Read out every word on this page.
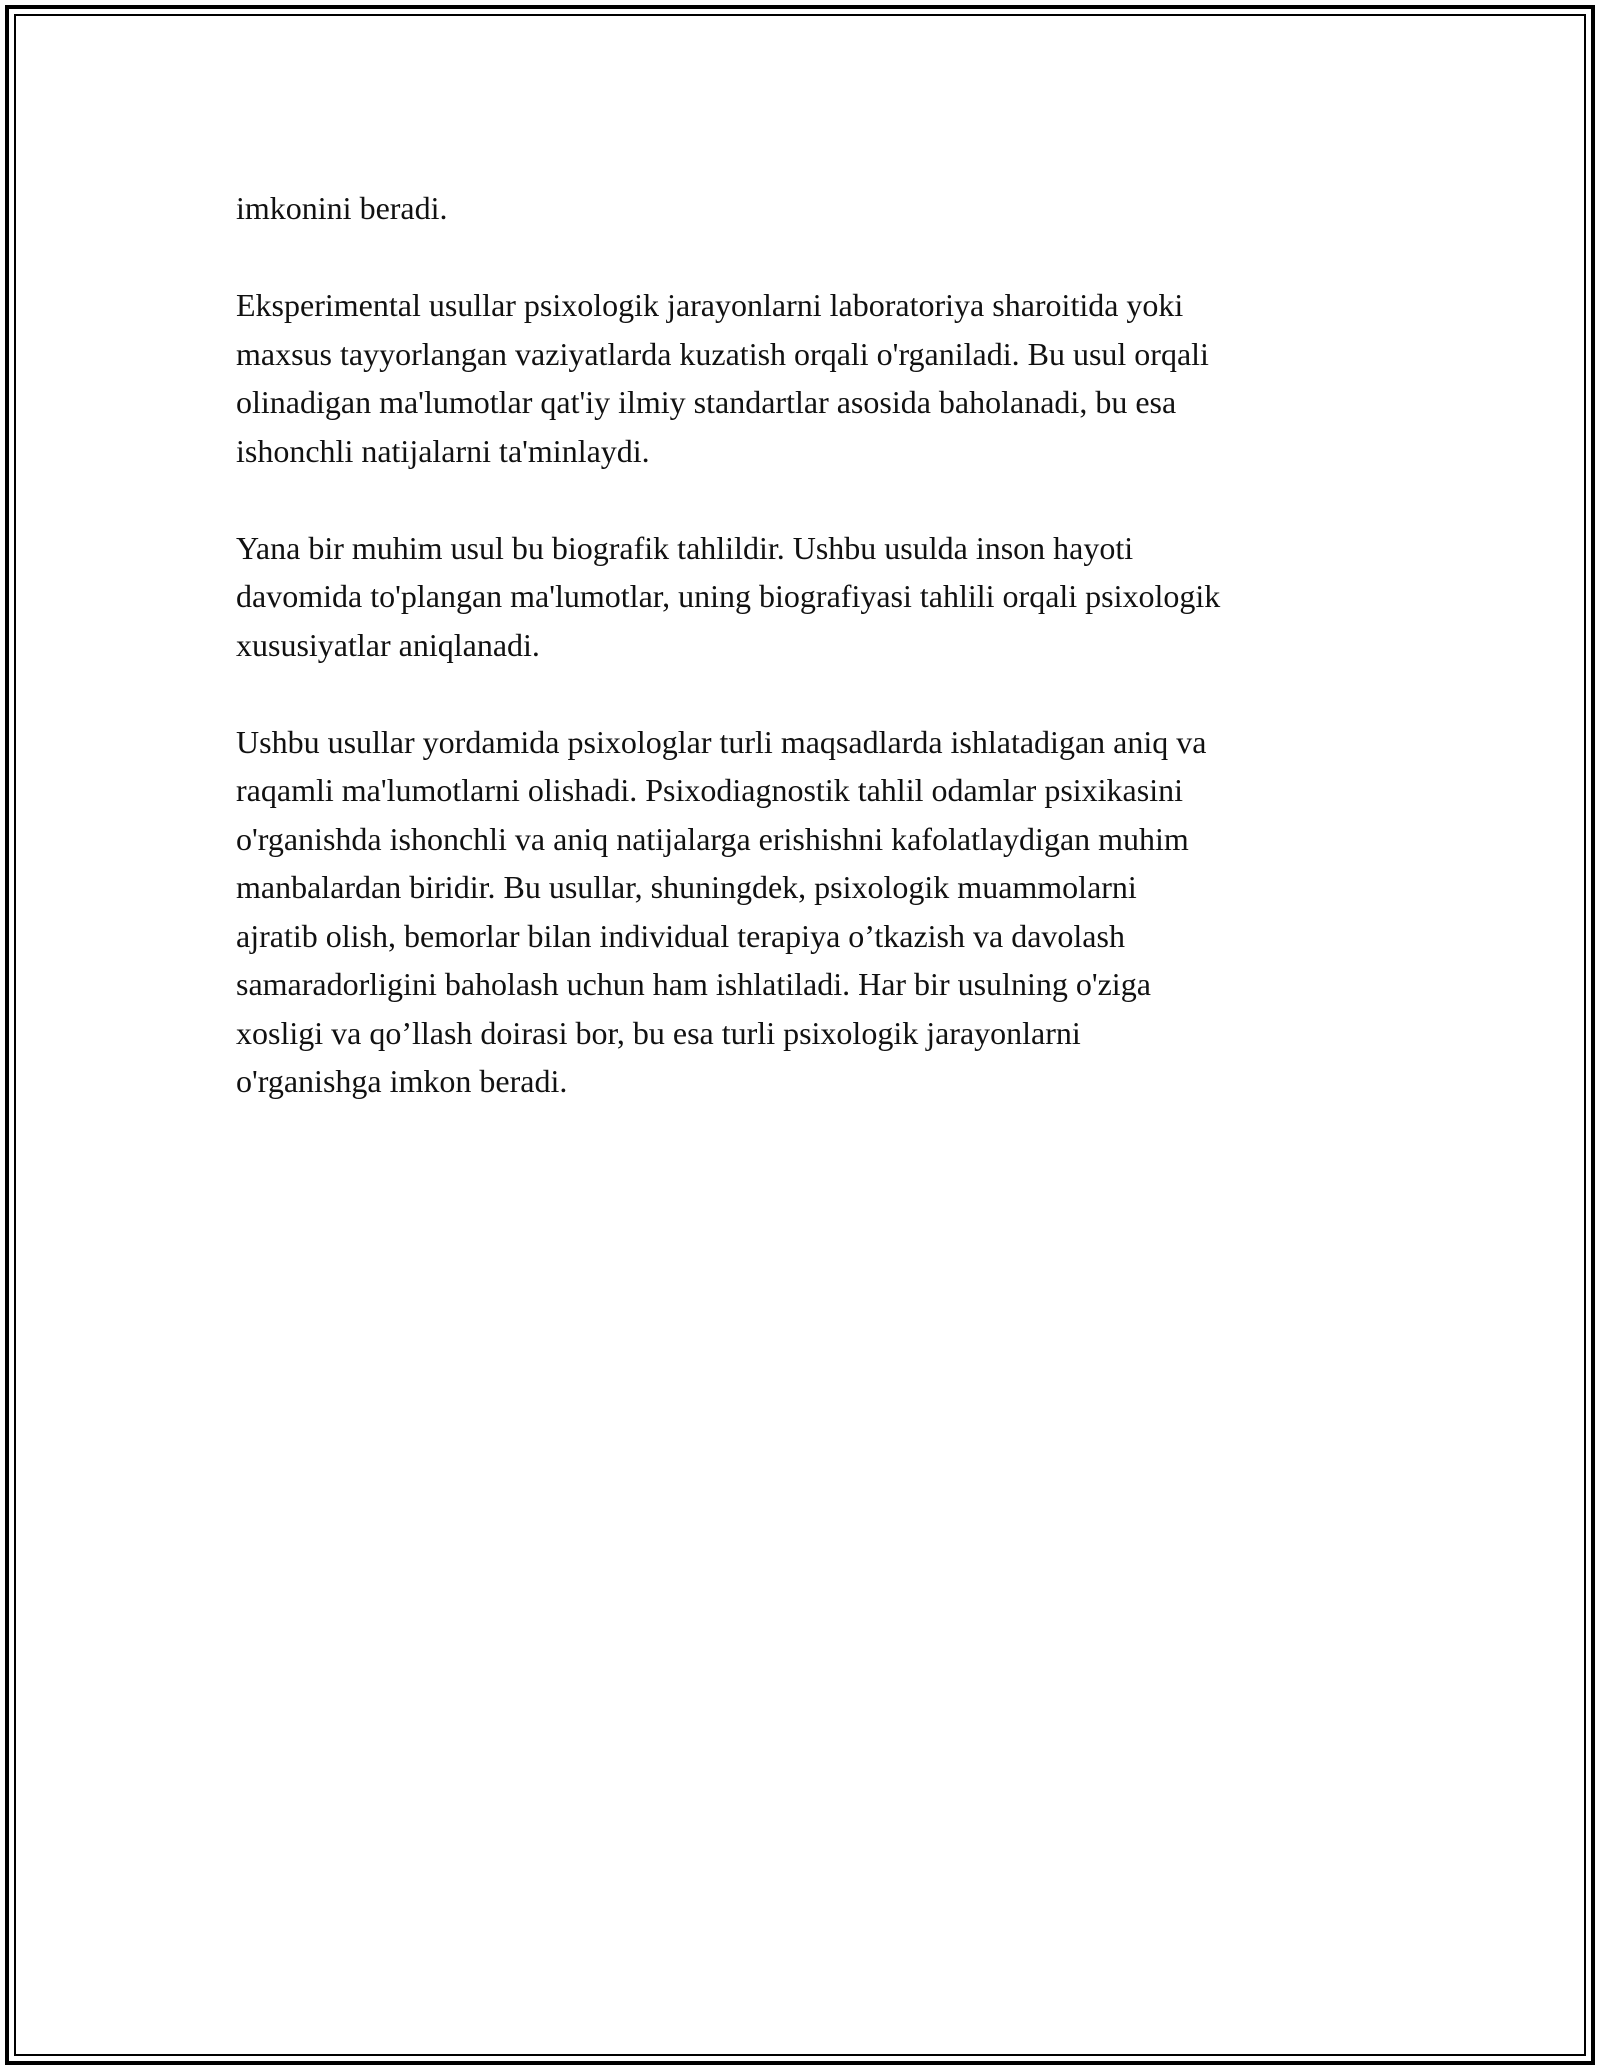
imkonini beradi.

Eksperimental usullar psixologik jarayonlarni laboratoriya sharoitida yoki
maxsus tayyorlangan vaziyatlarda kuzatish orqali o'rganiladi. Bu usul orqali
olinadigan ma'lumotlar qat'iy ilmiy standartlar asosida baholanadi, bu esa
ishonchli natijalarni ta'minlaydi.

Yana bir muhim usul bu biografik tahlildir. Ushbu usulda inson hayoti
davomida to'plangan ma'lumotlar, uning biografiyasi tahlili orqali psixologik
xususiyatlar aniqlanadi.

Ushbu usullar yordamida psixologlar turli maqsadlarda ishlatadigan aniq va
raqamli ma'lumotlarni olishadi. Psixodiagnostik tahlil odamlar psixikasini
o'rganishda ishonchli va aniq natijalarga erishishni kafolatlaydigan muhim
manbalardan biridir. Bu usullar, shuningdek, psixologik muammolarni
ajratib olish, bemorlar bilan individual terapiya o’tkazish va davolash
samaradorligini baholash uchun ham ishlatiladi. Har bir usulning o'ziga
xosligi va qo’llash doirasi bor, bu esa turli psixologik jarayonlarni
o'rganishga imkon beradi.
